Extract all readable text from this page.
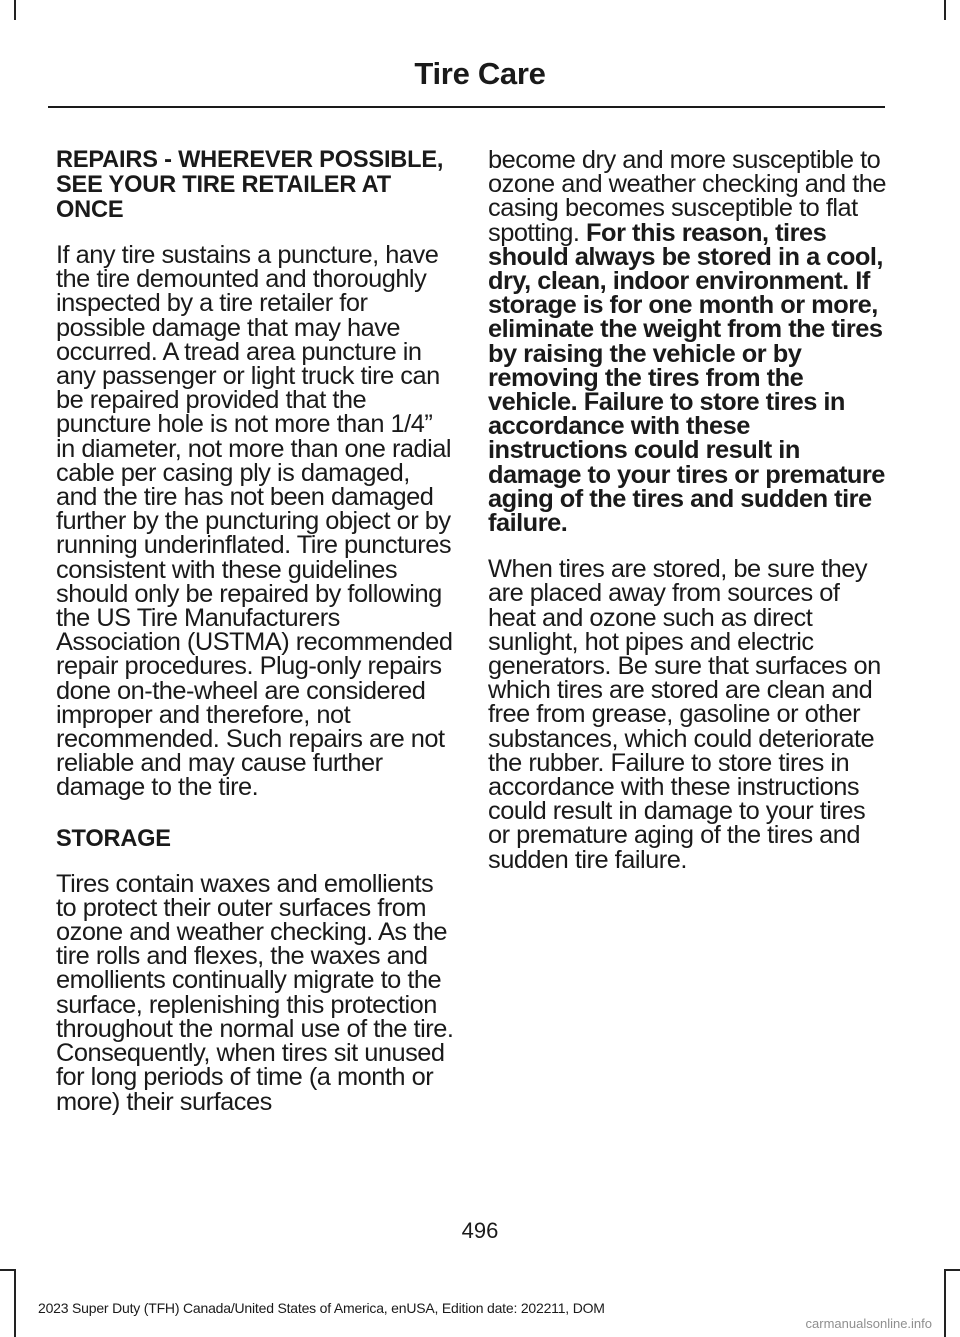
Tire Care
REPAIRS - WHEREVER POSSIBLE, SEE YOUR TIRE RETAILER AT ONCE

If any tire sustains a puncture, have the tire demounted and thoroughly inspected by a tire retailer for possible damage that may have occurred. A tread area puncture in any passenger or light truck tire can be repaired provided that the puncture hole is not more than 1/4” in diameter, not more than one radial cable per casing ply is damaged, and the tire has not been damaged further by the puncturing object or by running underinflated. Tire punctures consistent with these guidelines should only be repaired by following the US Tire Manufacturers Association (USTMA) recommended repair procedures. Plug-only repairs done on-the-wheel are considered improper and therefore, not recommended. Such repairs are not reliable and may cause further damage to the tire.

STORAGE

Tires contain waxes and emollients to protect their outer surfaces from ozone and weather checking. As the tire rolls and flexes, the waxes and emollients continually migrate to the surface, replenishing this protection throughout the normal use of the tire. Consequently, when tires sit unused for long periods of time (a month or more) their surfaces

become dry and more susceptible to ozone and weather checking and the casing becomes susceptible to flat spotting. For this reason, tires should always be stored in a cool, dry, clean, indoor environment. If storage is for one month or more, eliminate the weight from the tires by raising the vehicle or by removing the tires from the vehicle. Failure to store tires in accordance with these instructions could result in damage to your tires or premature aging of the tires and sudden tire failure.

When tires are stored, be sure they are placed away from sources of heat and ozone such as direct sunlight, hot pipes and electric generators. Be sure that surfaces on which tires are stored are clean and free from grease, gasoline or other substances, which could deteriorate the rubber. Failure to store tires in accordance with these instructions could result in damage to your tires or premature aging of the tires and sudden tire failure.

496
2023 Super Duty (TFH) Canada/United States of America, enUSA, Edition date: 202211, DOM
carmanualsonline.info
